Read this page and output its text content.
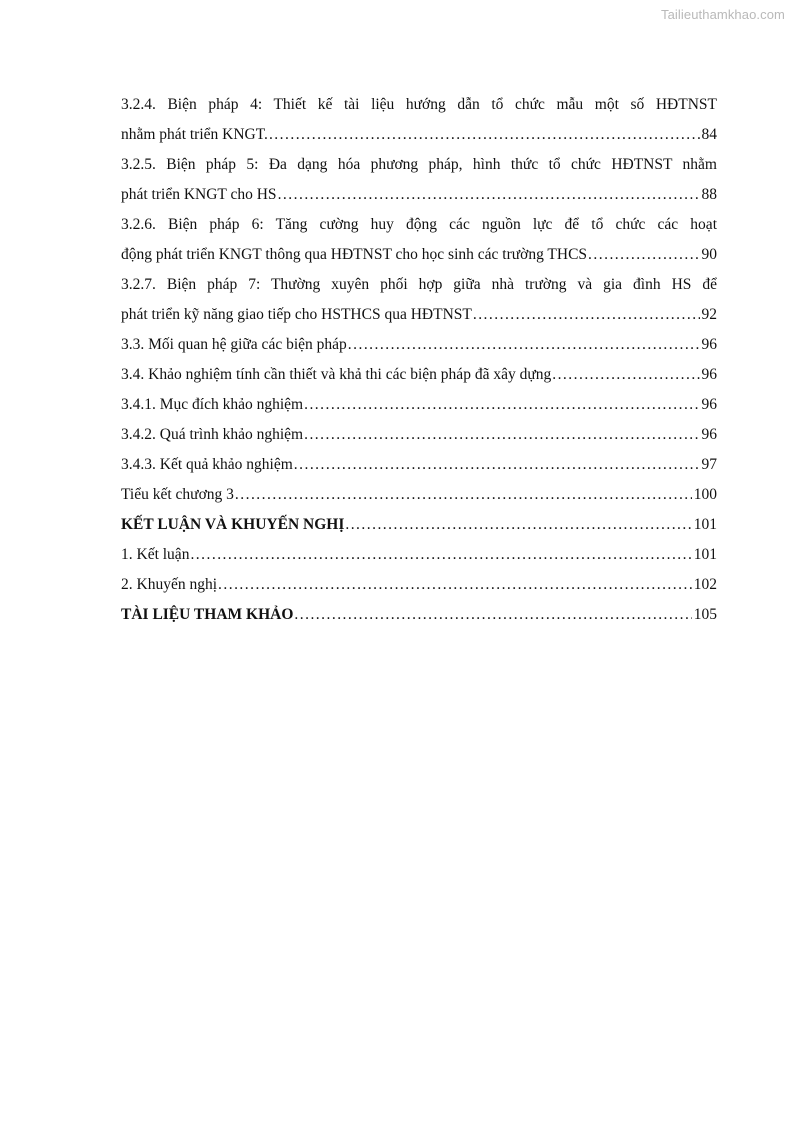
Tailieuthamkhao.com
3.2.4. Biện pháp 4: Thiết kế tài liệu hướng dẫn tổ chức mẫu một số HĐTNST
nhằm phát triển KNGT. . . .	84
3.2.5. Biện pháp 5: Đa dạng hóa phương pháp, hình thức tổ chức HĐTNST nhằm
phát triển KNGT cho HS . . .	88
3.2.6. Biện pháp 6: Tăng cường huy động các nguồn lực để tổ chức các hoạt
động phát triển KNGT thông qua HĐTNST cho học sinh các trường THCS . . .	90
3.2.7. Biện pháp 7: Thường xuyên phối hợp giữa nhà trường và gia đình HS để
phát triển kỹ năng giao tiếp cho HSTHCS qua HĐTNST . . .	92
3.3. Mối quan hệ giữa các biện pháp . . .	96
3.4. Khảo nghiệm tính cần thiết và khả thi các biện pháp đã xây dựng . . .	96
3.4.1. Mục đích khảo nghiệm . . .	96
3.4.2. Quá trình khảo nghiệm . . .	96
3.4.3. Kết quả khảo nghiệm . . .	97
Tiểu kết chương 3 . . .	100
KẾT LUẬN VÀ KHUYẾN NGHỊ . . .	101
1. Kết luận . . .	101
2. Khuyến nghị . . .	102
TÀI LIỆU THAM KHẢO . . .	105
